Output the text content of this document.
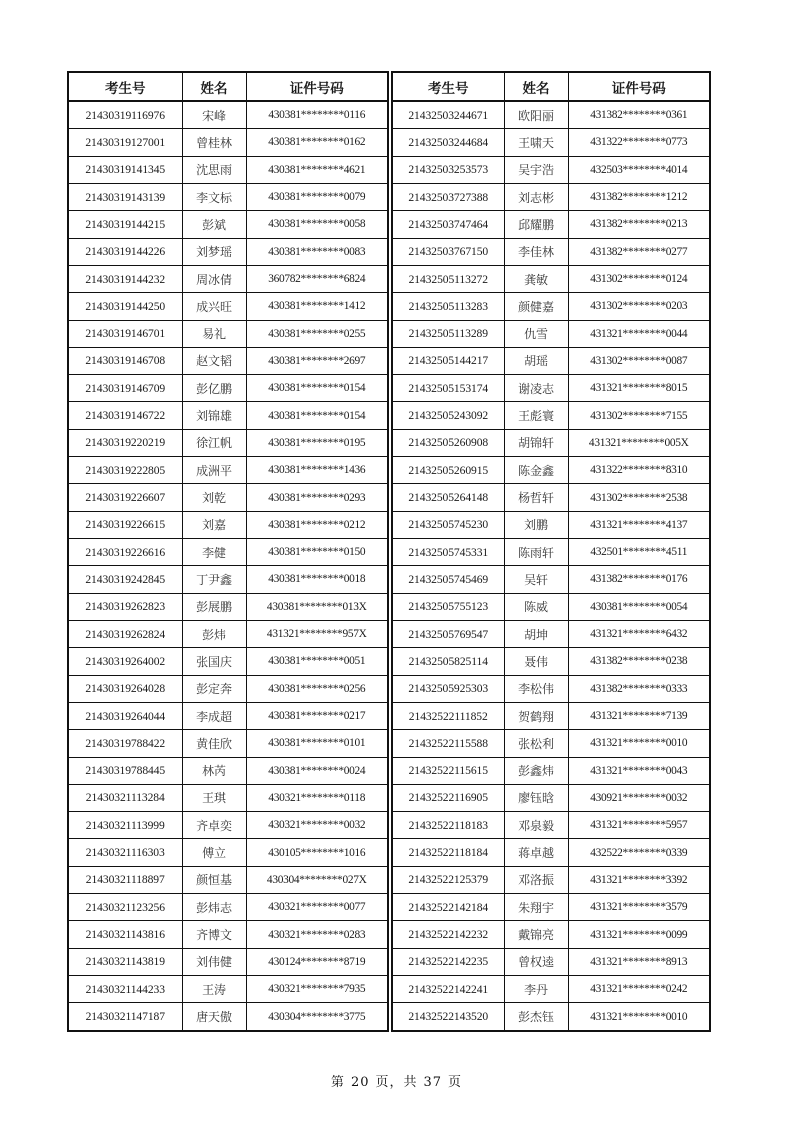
考生号	姓名	证件号码
21430319116976	宋峰	430381********0116
21430319127001	曾桂林	430381********0162
21430319141345	沈思雨	430381********4621
21430319143139	李文标	430381********0079
21430319144215	彭斌	430381********0058
21430319144226	刘梦瑶	430381********0083
21430319144232	周冰倩	360782********6824
21430319144250	成兴旺	430381********1412
21430319146701	易礼	430381********0255
21430319146708	赵文韬	430381********2697
21430319146709	彭亿鹏	430381********0154
21430319146722	刘锦雄	430381********0154
21430319220219	徐江帆	430381********0195
21430319222805	成洲平	430381********1436
21430319226607	刘乾	430381********0293
21430319226615	刘嘉	430381********0212
21430319226616	李健	430381********0150
21430319242845	丁尹鑫	430381********0018
21430319262823	彭展鹏	430381********013X
21430319262824	彭炜	431321********957X
21430319264002	张国庆	430381********0051
21430319264028	彭定奔	430381********0256
21430319264044	李成超	430381********0217
21430319788422	黄佳欣	430381********0101
21430319788445	林芮	430381********0024
21430321113284	王琪	430321********0118
21430321113999	齐卓奕	430321********0032
21430321116303	傅立	430105********1016
21430321118897	颜恒基	430304********027X
21430321123256	彭炜志	430321********0077
21430321143816	齐博文	430321********0283
21430321143819	刘伟健	430124********8719
21430321144233	王涛	430321********7935
21430321147187	唐天傲	430304********3775
考生号	姓名	证件号码
21432503244671	欧阳丽	431382********0361
21432503244684	王啸天	431322********0773
21432503253573	吴宇浩	432503********4014
21432503727388	刘志彬	431382********1212
21432503747464	邱耀鹏	431382********0213
21432503767150	李佳林	431382********0277
21432505113272	龚敏	431302********0124
21432505113283	颜健嘉	431302********0203
21432505113289	仇雪	431321********0044
21432505144217	胡瑶	431302********0087
21432505153174	谢凌志	431321********8015
21432505243092	王彪寰	431302********7155
21432505260908	胡锦轩	431321********005X
21432505260915	陈金鑫	431322********8310
21432505264148	杨哲轩	431302********2538
21432505745230	刘鹏	431321********4137
21432505745331	陈雨轩	432501********4511
21432505745469	吴轩	431382********0176
21432505755123	陈威	430381********0054
21432505769547	胡坤	431321********6432
21432505825114	聂伟	431382********0238
21432505925303	李松伟	431382********0333
21432522111852	贺鹤翔	431321********7139
21432522115588	张松利	431321********0010
21432522115615	彭鑫炜	431321********0043
21432522116905	廖钰晗	430921********0032
21432522118183	邓泉毅	431321********5957
21432522118184	蒋卓越	432522********0339
21432522125379	邓洛振	431321********3392
21432522142184	朱翔宇	431321********3579
21432522142232	戴锦亮	431321********0099
21432522142235	曾权逵	431321********8913
21432522142241	李丹	431321********0242
21432522143520	彭杰钰	431321********0010
第 20 页，共 37 页
